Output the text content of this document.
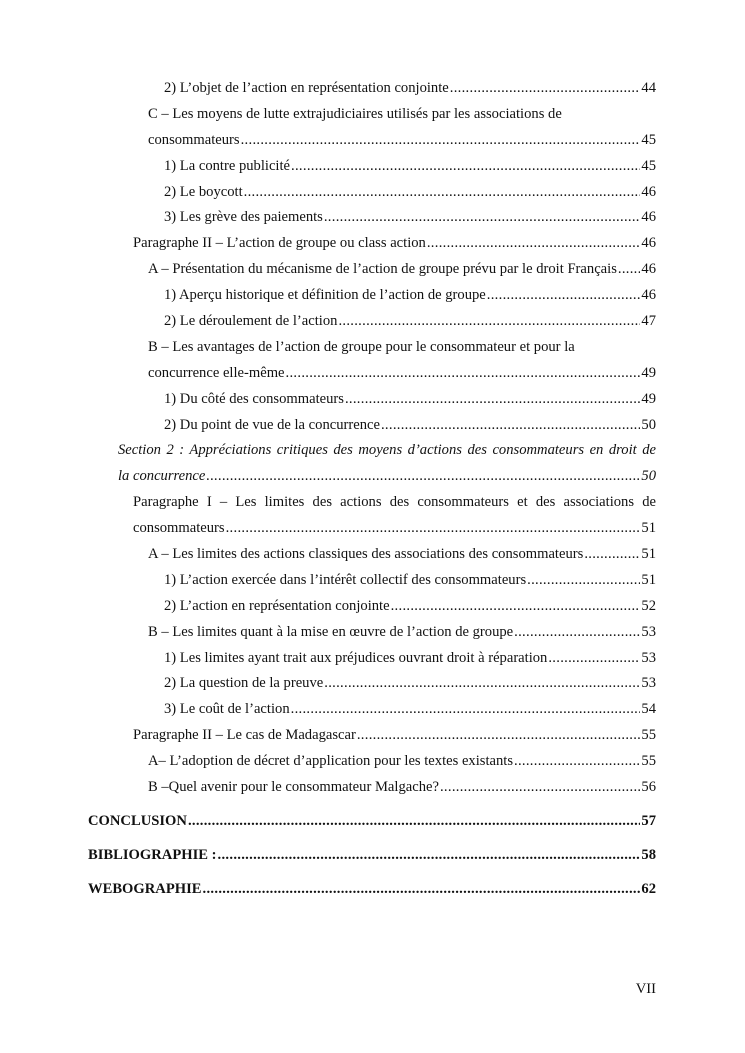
2) L’objet de l’action en représentation conjointe .....	44
C – Les moyens de lutte extrajudiciaires utilisés par les associations de
consommateurs .....	45
1) La contre publicité .....	45
2) Le boycott .....	46
3) Les grève des paiements .....	46
Paragraphe II – L’action de groupe ou class action .....	46
A – Présentation du mécanisme de l’action de groupe prévu par le droit Français ..... 46
1) Aperçu historique et définition de l’action de groupe .....	46
2) Le déroulement de l’action .....	47
B – Les avantages de l’action de groupe pour le consommateur et pour la
concurrence elle-même .....	49
1) Du côté des consommateurs .....	49
2) Du point de vue de la concurrence .....	50
Section 2 : Appréciations critiques des moyens d’actions des consommateurs en droit de
la concurrence .....	50
Paragraphe I – Les limites des actions des consommateurs et des associations de
consommateurs .....	51
A – Les limites des actions classiques des associations des consommateurs .....	51
1) L’action exercée dans l’intérêt collectif des consommateurs .....	51
2) L’action en représentation conjointe .....	52
B – Les limites quant à la mise en œuvre de l’action de groupe .....	53
1) Les limites ayant trait aux préjudices ouvrant droit à réparation .....	53
2) La question de la preuve .....	53
3) Le coût de l’action .....	54
Paragraphe II – Le cas de Madagascar .....	55
A– L’adoption de décret d’application pour les textes existants .....	55
B –Quel avenir pour le consommateur Malgache? .....	56
CONCLUSION .....	57
BIBLIOGRAPHIE : .....	58
WEBOGRAPHIE .....	62
VII
